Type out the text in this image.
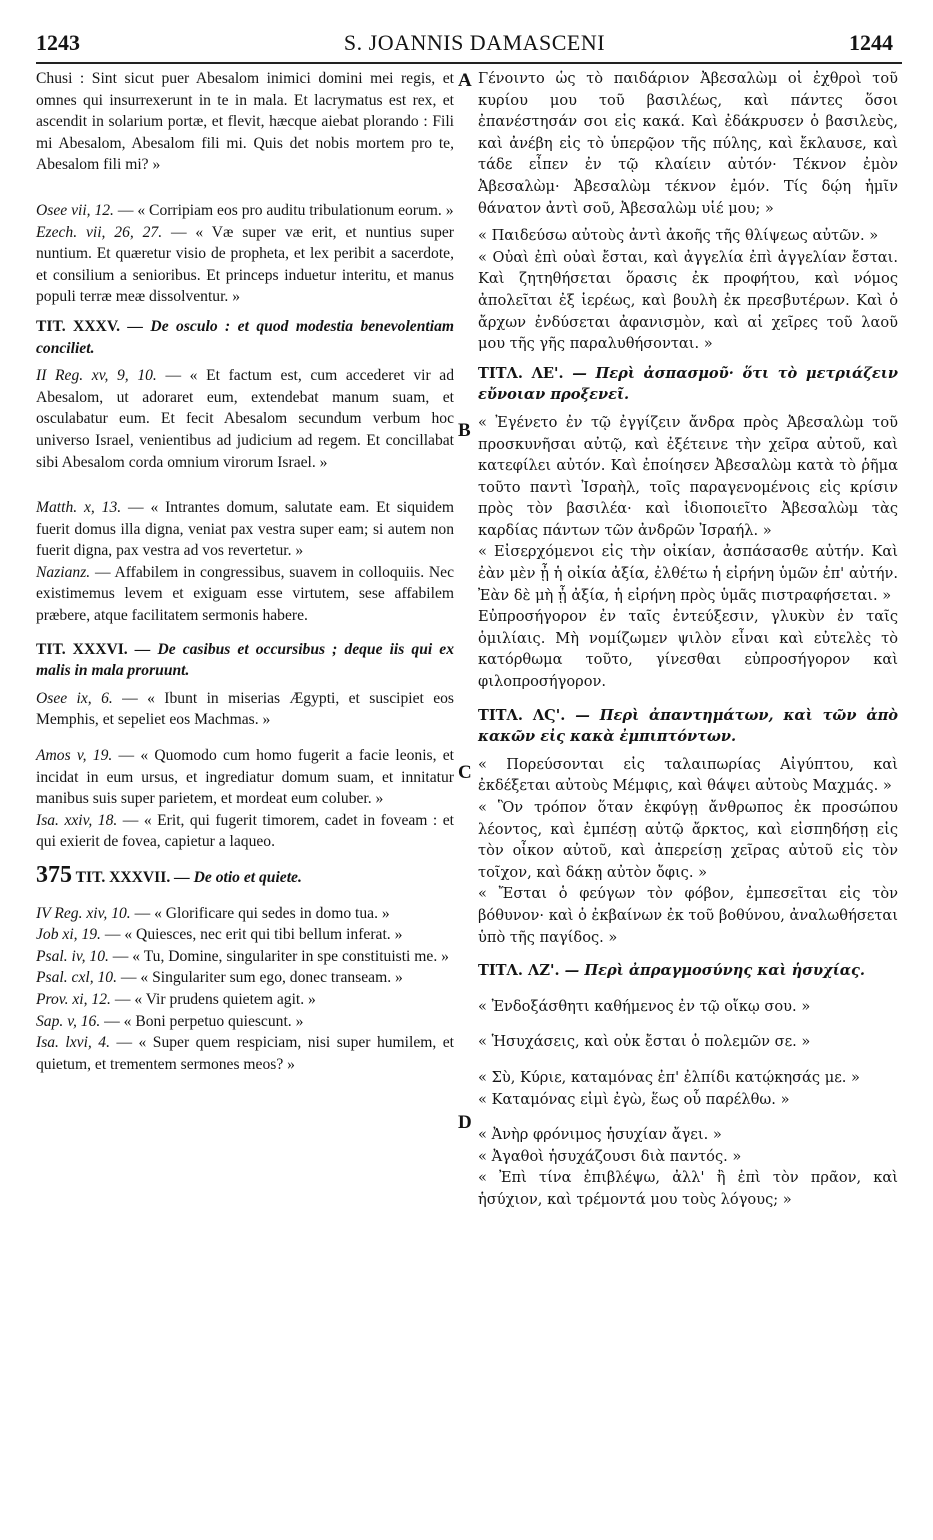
1243	S. JOANNIS DAMASCENI	1244
A
B
C
D

Chusi : Sint sicut puer Abesalom inimici domini mei regis, et omnes qui insurrexerunt in te in mala. Et lacrymatus est rex, et ascendit in solarium portæ, et flevit, hæcque aiebat plorando : Fili mi Abesalom, Abesalom fili mi. Quis det nobis mortem pro te, Abesalom fili mi? »

Osee vii, 12. — « Corripiam eos pro auditu tribulationum eorum. »

Ezech. vii, 26, 27. — « Væ super væ erit, et nuntius super nuntium. Et quæretur visio de propheta, et lex peribit a sacerdote, et consilium a senioribus. Et princeps induetur interitu, et manus populi terræ meæ dissolventur. »

TIT. XXXV. — De osculo : et quod modestia benevolentiam conciliet.

II Reg. xv, 9, 10. — « Et factum est, cum accederet vir ad Abesalom, ut adoraret eum, extendebat manum suam, et osculabatur eum. Et fecit Abesalom secundum verbum hoc universo Israel, venientibus ad judicium ad regem. Et concillabat sibi Abesalom corda omnium virorum Israel. »

Matth. x, 13. — « Intrantes domum, salutate eam. Et siquidem fuerit domus illa digna, veniat pax vestra super eam; si autem non fuerit digna, pax vestra ad vos revertetur. »

Nazianz. — Affabilem in congressibus, suavem in colloquiis. Nec existimemus levem et exiguam esse virtutem, sese affabilem præbere, atque facilitatem sermonis habere.

TIT. XXXVI. — De casibus et occursibus ; deque iis qui ex malis in mala proruunt.

Osee ix, 6. — « Ibunt in miserias Ægypti, et suscipiet eos Memphis, et sepeliet eos Machmas. »

Amos v, 19. — « Quomodo cum homo fugerit a facie leonis, et incidat in eum ursus, et ingrediatur domum suam, et innitatur manibus suis super parietem, et mordeat eum coluber. »

Isa. xxiv, 18. — « Erit, qui fugerit timorem, cadet in foveam : et qui exierit de fovea, capietur a laqueo.

375 TIT. XXXVII. — De otio et quiete.

IV Reg. xiv, 10. — « Glorificare qui sedes in domo tua. »

Job xi, 19. — « Quiesces, nec erit qui tibi bellum inferat. »

Psal. iv, 10. — « Tu, Domine, singulariter in spe constituisti me. »

Psal. cxl, 10. — « Singulariter sum ego, donec transeam. »

Prov. xi, 12. — « Vir prudens quietem agit. »

Sap. v, 16. — « Boni perpetuo quiescunt. »

Isa. lxvi, 4. — « Super quem respiciam, nisi super humilem, et quietum, et trementem sermones meos? »

Γένοιντο ὡς τὸ παιδάριον Ἀβεσαλὼμ οἱ ἐχθροὶ τοῦ κυρίου μου τοῦ βασιλέως, καὶ πάντες ὅσοι ἐπανέστησάν σοι εἰς κακά. Καὶ ἐδάκρυσεν ὁ βασιλεὺς, καὶ ἀνέβη εἰς τὸ ὑπερῷον τῆς πύλης, καὶ ἔκλαυσε, καὶ τάδε εἶπεν ἐν τῷ κλαίειν αὐτόν· Τέκνον ἐμὸν Ἀβεσαλὼμ· Ἀβεσαλὼμ τέκνον ἐμόν. Τίς δῴη ἡμῖν θάνατον ἀντὶ σοῦ, Ἀβεσαλὼμ υἱέ μου; »

« Παιδεύσω αὐτοὺς ἀντὶ ἀκοῆς τῆς θλίψεως αὐτῶν. »

« Οὐαὶ ἐπὶ οὐαὶ ἔσται, καὶ ἀγγελία ἐπὶ ἀγγελίαν ἔσται. Καὶ ζητηθήσεται ὅρασις ἐκ προφήτου, καὶ νόμος ἀπολεῖται ἐξ ἱερέως, καὶ βουλὴ ἐκ πρεσβυτέρων. Καὶ ὁ ἄρχων ἐνδύσεται ἀφανισμὸν, καὶ αἱ χεῖρες τοῦ λαοῦ μου τῆς γῆς παραλυθήσονται. »

ΤΙΤΛ. ΛΕ'. — Περὶ ἀσπασμοῦ· ὅτι τὸ μετριάζειν εὔνοιαν προξενεῖ.

« Ἐγένετο ἐν τῷ ἐγγίζειν ἄνδρα πρὸς Ἀβεσαλὼμ τοῦ προσκυνῆσαι αὐτῷ, καὶ ἐξέτεινε τὴν χεῖρα αὐτοῦ, καὶ κατεφίλει αὐτόν. Καὶ ἐποίησεν Ἀβεσαλὼμ κατὰ τὸ ῥῆμα τοῦτο παντὶ Ἰσραὴλ, τοῖς παραγενομένοις εἰς κρίσιν πρὸς τὸν βασιλέα· καὶ ἰδιοποιεῖτο Ἀβεσαλὼμ τὰς καρδίας πάντων τῶν ἀνδρῶν Ἰσραήλ. »

« Εἰσερχόμενοι εἰς τὴν οἰκίαν, ἀσπάσασθε αὐτήν. Καὶ ἐὰν μὲν ᾖ ἡ οἰκία ἀξία, ἐλθέτω ἡ εἰρήνη ὑμῶν ἐπ' αὐτήν. Ἐὰν δὲ μὴ ᾖ ἀξία, ἡ εἰρήνη πρὸς ὑμᾶς πιστραφήσεται. »

Εὐπροσήγορον ἐν ταῖς ἐντεύξεσιν, γλυκὺν ἐν ταῖς ὁμιλίαις. Μὴ νομίζωμεν ψιλὸν εἶναι καὶ εὐτελὲς τὸ κατόρθωμα τοῦτο, γίνεσθαι εὐπροσήγορον καὶ φιλοπροσήγορον.

ΤΙΤΛ. ΛϚ'. — Περὶ ἀπαντημάτων, καὶ τῶν ἀπὸ κακῶν εἰς κακὰ ἐμπιπτόντων.

« Πορεύσονται εἰς ταλαιπωρίας Αἰγύπτου, καὶ ἐκδέξεται αὐτοὺς Μέμφις, καὶ θάψει αὐτοὺς Μαχμάς. »

« Ὃν τρόπον ὅταν ἐκφύγῃ ἄνθρωπος ἐκ προσώπου λέοντος, καὶ ἐμπέσῃ αὐτῷ ἄρκτος, καὶ εἰσπηδήσῃ εἰς τὸν οἶκον αὐτοῦ, καὶ ἀπερείσῃ χεῖρας αὐτοῦ εἰς τὸν τοῖχον, καὶ δάκῃ αὐτὸν ὄφις. »

« Ἔσται ὁ φεύγων τὸν φόβον, ἐμπεσεῖται εἰς τὸν βόθυνον· καὶ ὁ ἐκβαίνων ἐκ τοῦ βοθύνου, ἀναλωθήσεται ὑπὸ τῆς παγίδος. »

ΤΙΤΛ. ΛΖ'. — Περὶ ἀπραγμοσύνης καὶ ἡσυχίας.

« Ἐνδοξάσθητι καθήμενος ἐν τῷ οἴκῳ σου. »

« Ἡσυχάσεις, καὶ οὐκ ἔσται ὁ πολεμῶν σε. »

« Σὺ, Κύριε, καταμόνας ἐπ' ἐλπίδι κατῴκησάς με. »

« Καταμόνας εἰμὶ ἐγὼ, ἕως οὗ παρέλθω. »

« Ἀνὴρ φρόνιμος ἡσυχίαν ἄγει. »

« Ἀγαθοὶ ἡσυχάζουσι διὰ παντός. »

« Ἐπὶ τίνα ἐπιβλέψω, ἀλλ' ἢ ἐπὶ τὸν πρᾶον, καὶ ἡσύχιον, καὶ τρέμοντά μου τοὺς λόγους; »
